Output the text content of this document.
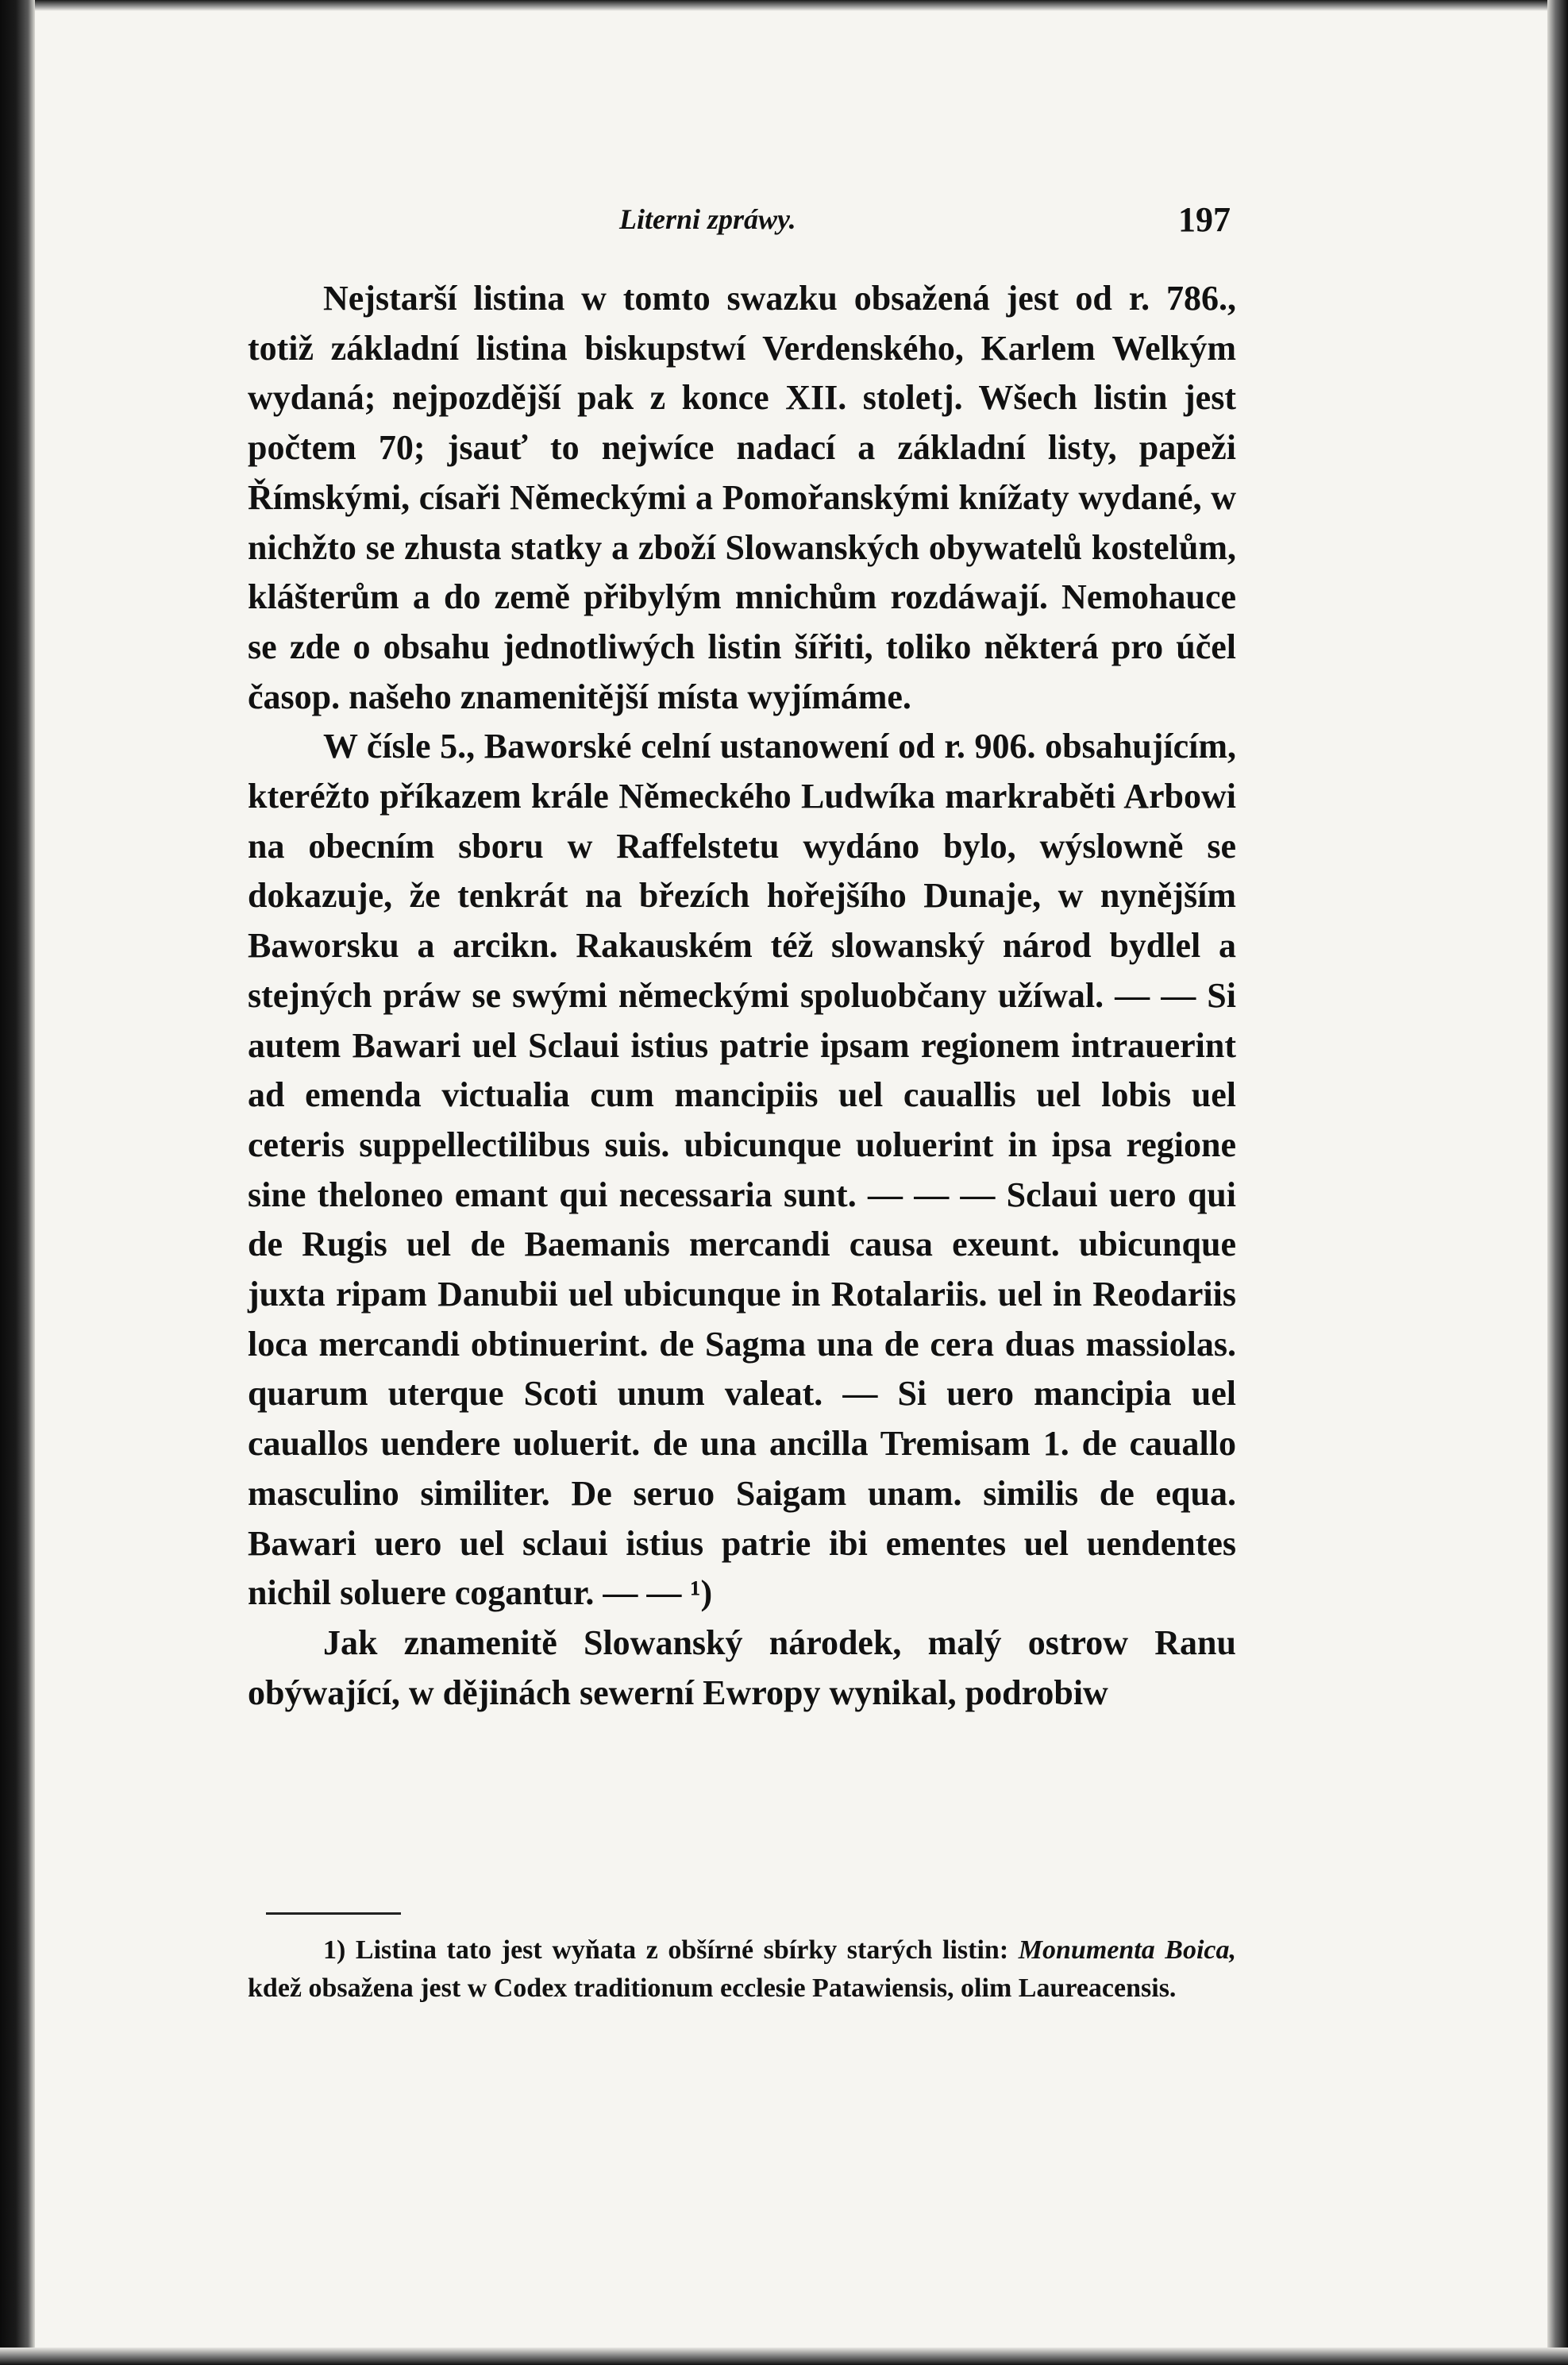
Literni zpráwy.	197

Nejstarší listina w tomto swazku obsažená jest od r. 786., totiž základní listina biskupstwí Verdenského, Karlem Welkým wydaná; nejpozdější pak z konce XII. stoletj. Wšech listin jest počtem 70; jsauť to nejwíce nadací a základní listy, papeži Římskými, císaři Německými a Pomořanskými knížaty wydané, w nichžto se zhusta statky a zboží Slowanských obywatelů kostelům, klášterům a do země přibylým mnichům rozdáwají. Nemohauce se zde o obsahu jednotliwých listin šířiti, toliko některá pro účel časop. našeho znamenitější místa wyjímáme.

W čísle 5., Baworské celní ustanowení od r. 906. obsahujícím, kteréžto příkazem krále Německého Ludwíka markraběti Arbowi na obecním sboru w Raffelstetu wydáno bylo, wýslowně se dokazuje, že tenkrát na březích hořejšího Dunaje, w nynějším Baworsku a arcikn. Rakauském též slowanský národ bydlel a stejných práw se swými německými spoluobčany užíwal. — — Si autem Bawari uel Sclaui istius patrie ipsam regionem intrauerint ad emenda victualia cum mancipiis uel cauallis uel lobis uel ceteris suppellectilibus suis. ubicunque uoluerint in ipsa regione sine theloneo emant qui necessaria sunt. — — — Sclaui uero qui de Rugis uel de Baemanis mercandi causa exeunt. ubicunque juxta ripam Danubii uel ubicunque in Rotalariis. uel in Reodariis loca mercandi obtinuerint. de Sagma una de cera duas massiolas. quarum uterque Scoti unum valeat. — Si uero mancipia uel cauallos uendere uoluerit. de una ancilla Tremisam 1. de cauallo masculino similiter. De seruo Saigam unam. similis de equa. Bawari uero uel sclaui istius patrie ibi ementes uel uendentes nichil soluere cogantur. — — ¹)

Jak znamenitě Slowanský národek, malý ostrow Ranu obýwající, w dějinách sewerní Ewropy wynikal, podrobiw

1) Listina tato jest wyňata z obšírné sbírky starých listin: Monumenta Boica, kdež obsažena jest w Codex traditionum ecclesie Patawiensis, olim Laureacensis.
